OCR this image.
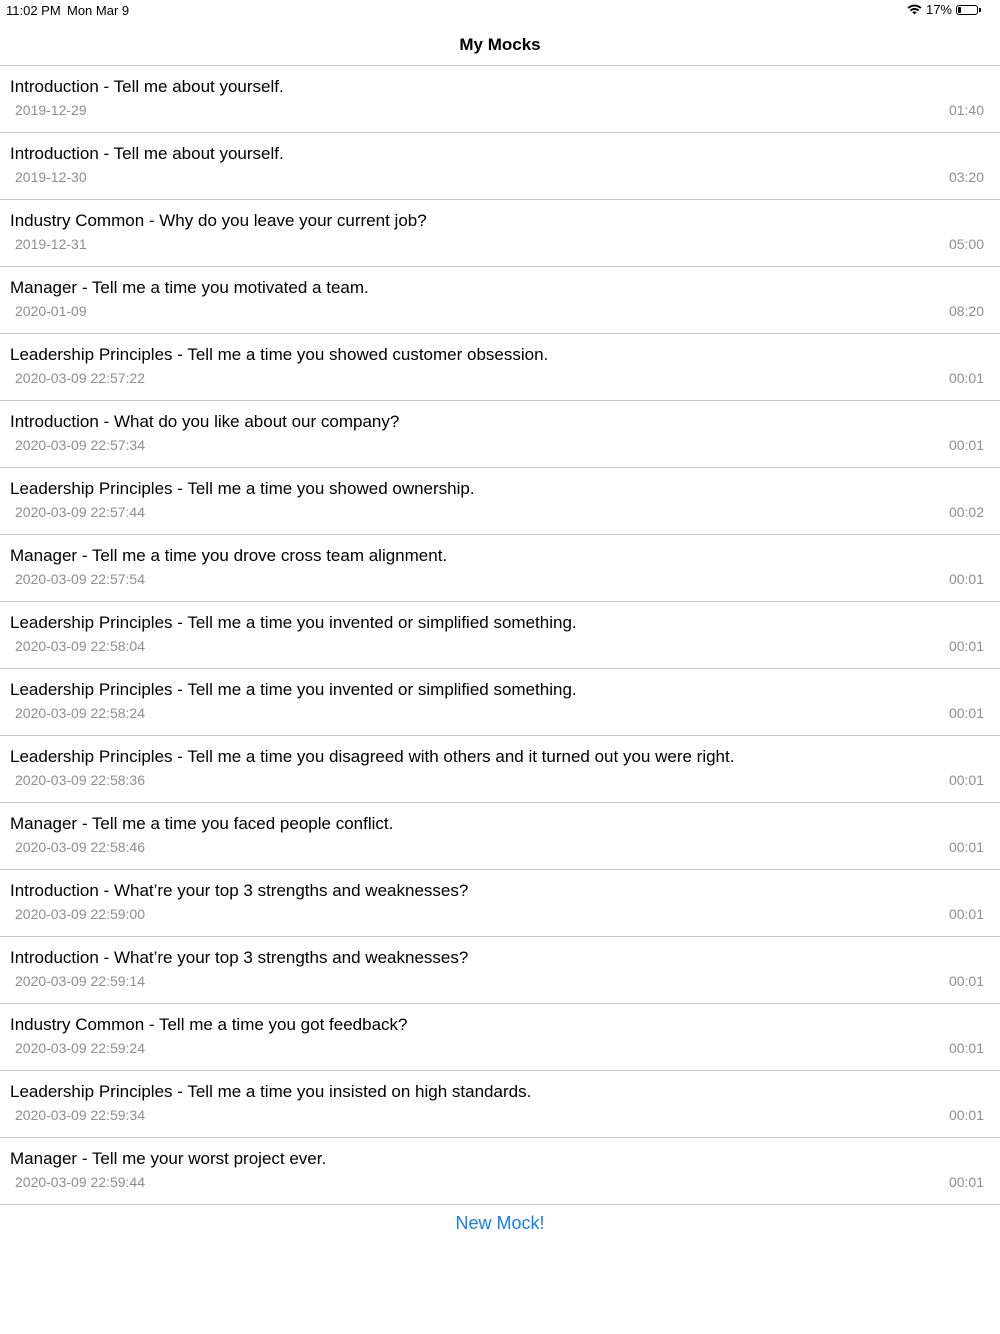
11:02 PM Mon Mar 9	17%
My Mocks
Introduction - Tell me about yourself.
2019-12-29	01:40
Introduction - Tell me about yourself.
2019-12-30	03:20
Industry Common - Why do you leave your current job?
2019-12-31	05:00
Manager - Tell me a time you motivated a team.
2020-01-09	08:20
Leadership Principles - Tell me a time you showed customer obsession.
2020-03-09 22:57:22	00:01
Introduction - What do you like about our company?
2020-03-09 22:57:34	00:01
Leadership Principles - Tell me a time you showed ownership.
2020-03-09 22:57:44	00:02
Manager - Tell me a time you drove cross team alignment.
2020-03-09 22:57:54	00:01
Leadership Principles - Tell me a time you invented or simplified something.
2020-03-09 22:58:04	00:01
Leadership Principles - Tell me a time you invented or simplified something.
2020-03-09 22:58:24	00:01
Leadership Principles - Tell me a time you disagreed with others and it turned out you were right.
2020-03-09 22:58:36	00:01
Manager - Tell me a time you faced people conflict.
2020-03-09 22:58:46	00:01
Introduction - What’re your top 3 strengths and weaknesses?
2020-03-09 22:59:00	00:01
Introduction - What’re your top 3 strengths and weaknesses?
2020-03-09 22:59:14	00:01
Industry Common - Tell me a time you got feedback?
2020-03-09 22:59:24	00:01
Leadership Principles - Tell me a time you insisted on high standards.
2020-03-09 22:59:34	00:01
Manager - Tell me your worst project ever.
2020-03-09 22:59:44	00:01
New Mock!
